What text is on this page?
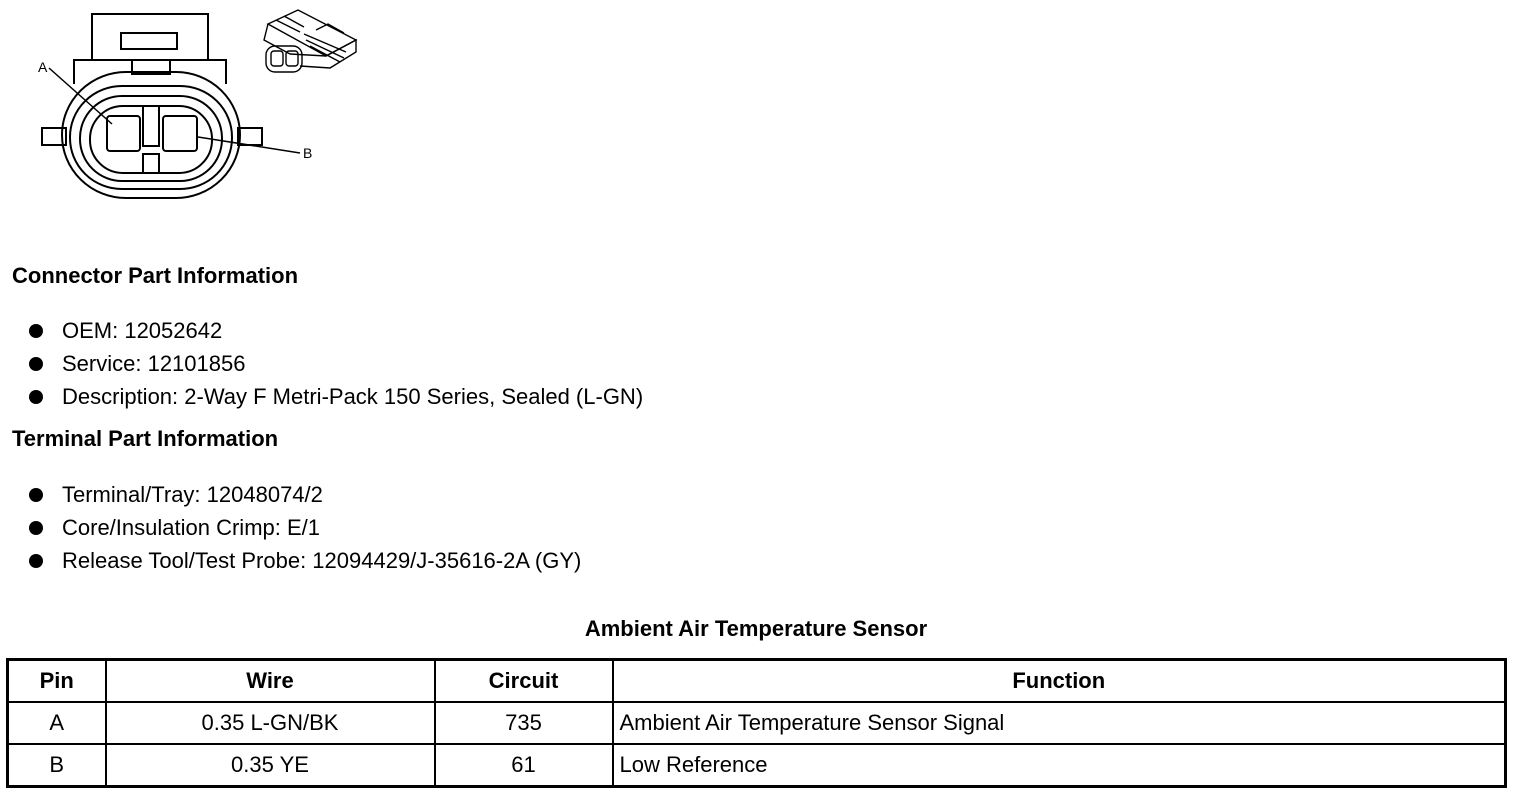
A
B
Connector Part Information
OEM: 12052642
Service: 12101856
Description: 2-Way F Metri-Pack 150 Series, Sealed (L-GN)
Terminal Part Information
Terminal/Tray: 12048074/2
Core/Insulation Crimp: E/1
Release Tool/Test Probe: 12094429/J-35616-2A (GY)
Ambient Air Temperature Sensor
Pin	Wire	Circuit	Function
A	0.35 L-GN/BK	735	Ambient Air Temperature Sensor Signal
B	0.35 YE	61	Low Reference
